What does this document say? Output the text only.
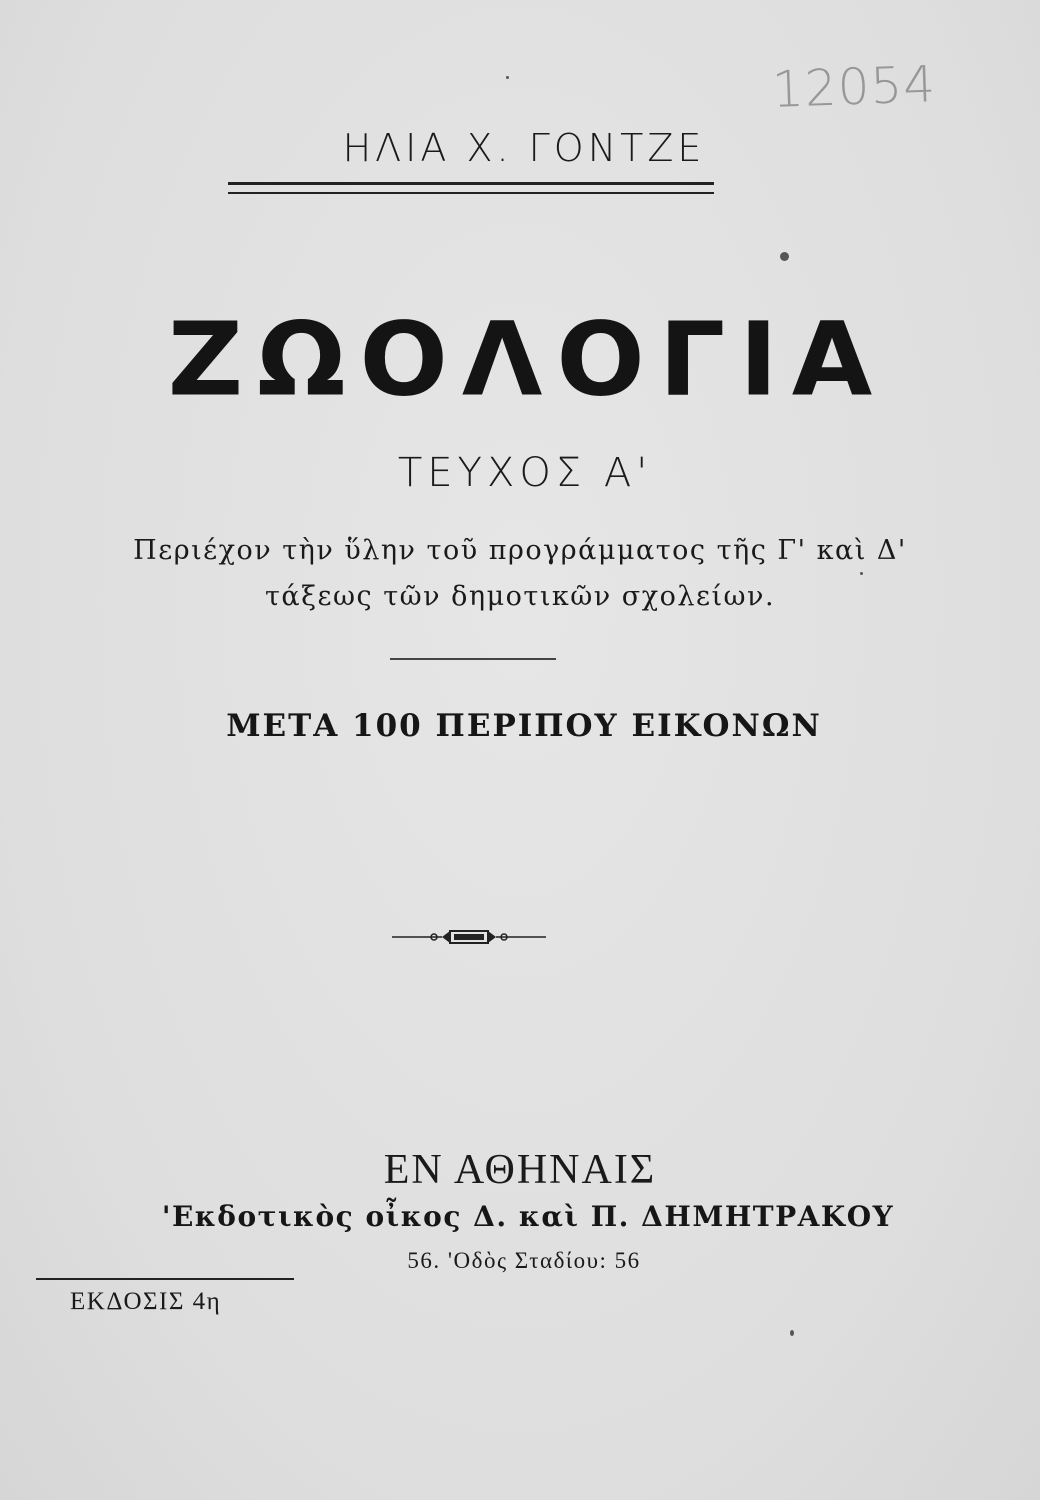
12054
ΗΛΙΑ Χ. ΓΟΝΤΖΕ
ΖΩΟΛΟΓΙΑ
ΤΕΥΧΟΣ Α'
Περιέχον τὴν ὕλην τοῦ προγράμματος τῆς Γ' καὶ Δ'
τάξεως τῶν δημοτικῶν σχολείων.
ΜΕΤΑ 100 ΠΕΡΙΠΟΥ ΕΙΚΟΝΩΝ
ΕΝ ΑΘΗΝΑΙΣ
'Εκδοτικὸς οἶκος Δ. καὶ Π. ΔΗΜΗΤΡΑΚΟΥ
56. 'Οδὸς Σταδίου: 56
ΕΚΔΟΣΙΣ 4η
